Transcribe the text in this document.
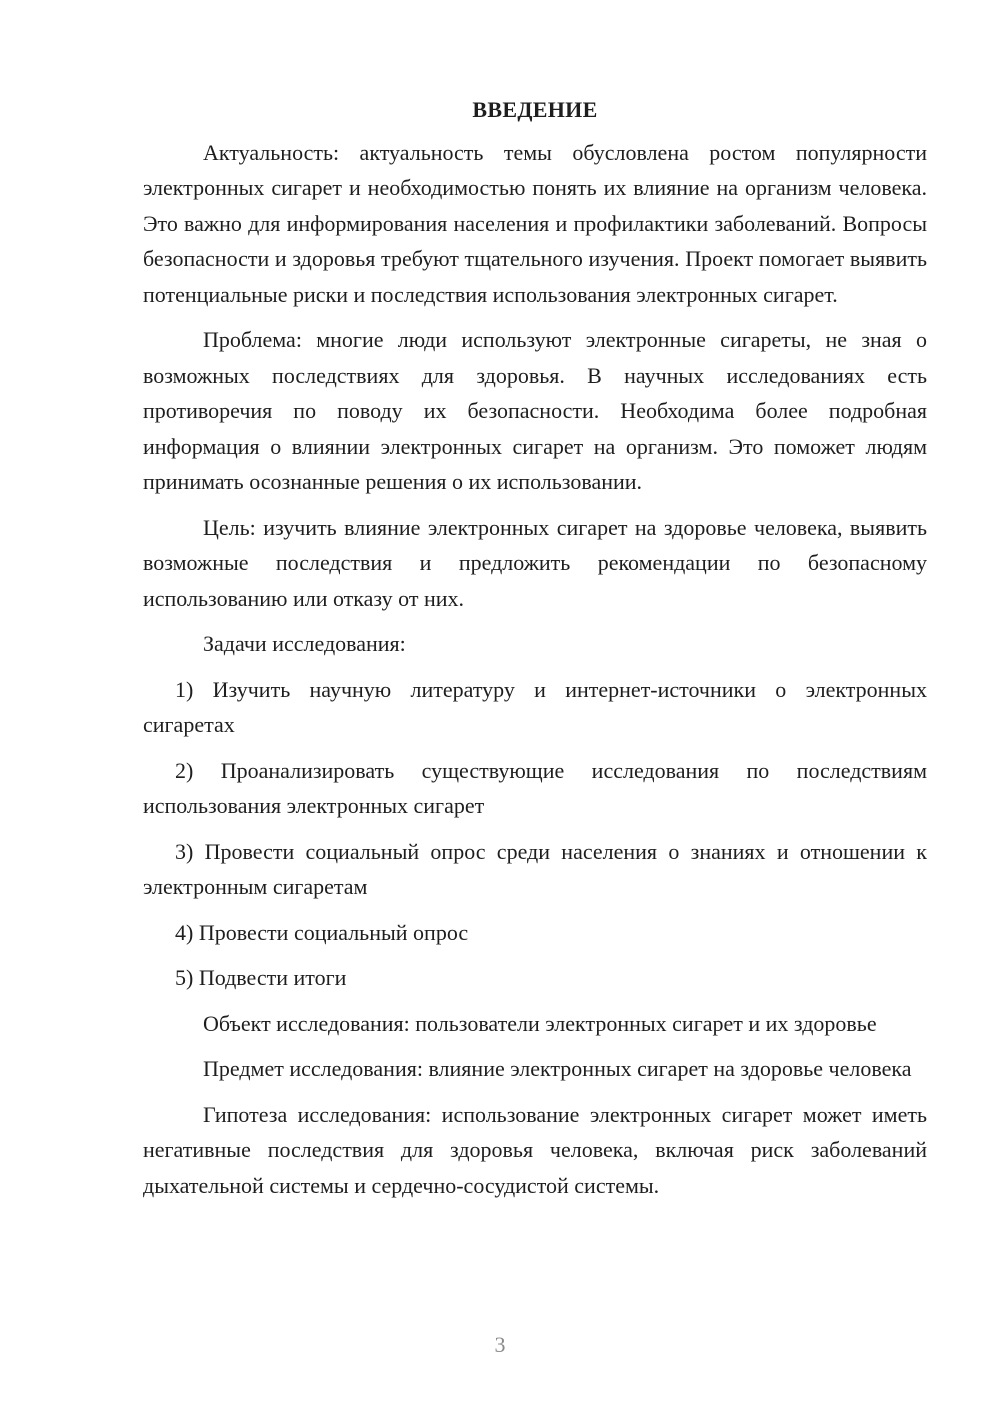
ВВЕДЕНИЕ

Актуальность: актуальность темы обусловлена ростом популярности электронных сигарет и необходимостью понять их влияние на организм человека. Это важно для информирования населения и профилактики заболеваний. Вопросы безопасности и здоровья требуют тщательного изучения. Проект помогает выявить потенциальные риски и последствия использования электронных сигарет.

Проблема: многие люди используют электронные сигареты, не зная о возможных последствиях для здоровья. В научных исследованиях есть противоречия по поводу их безопасности. Необходима более подробная информация о влиянии электронных сигарет на организм. Это поможет людям принимать осознанные решения о их использовании.

Цель: изучить влияние электронных сигарет на здоровье человека, выявить возможные последствия и предложить рекомендации по безопасному использованию или отказу от них.

Задачи исследования:

1) Изучить научную литературу и интернет-источники о электронных сигаретах

2) Проанализировать существующие исследования по последствиям использования электронных сигарет

3) Провести социальный опрос среди населения о знаниях и отношении к электронным сигаретам

4) Провести социальный опрос

5) Подвести итоги

Объект исследования: пользователи электронных сигарет и их здоровье

Предмет исследования: влияние электронных сигарет на здоровье человека

Гипотеза исследования: использование электронных сигарет может иметь негативные последствия для здоровья человека, включая риск заболеваний дыхательной системы и сердечно-сосудистой системы.

3
